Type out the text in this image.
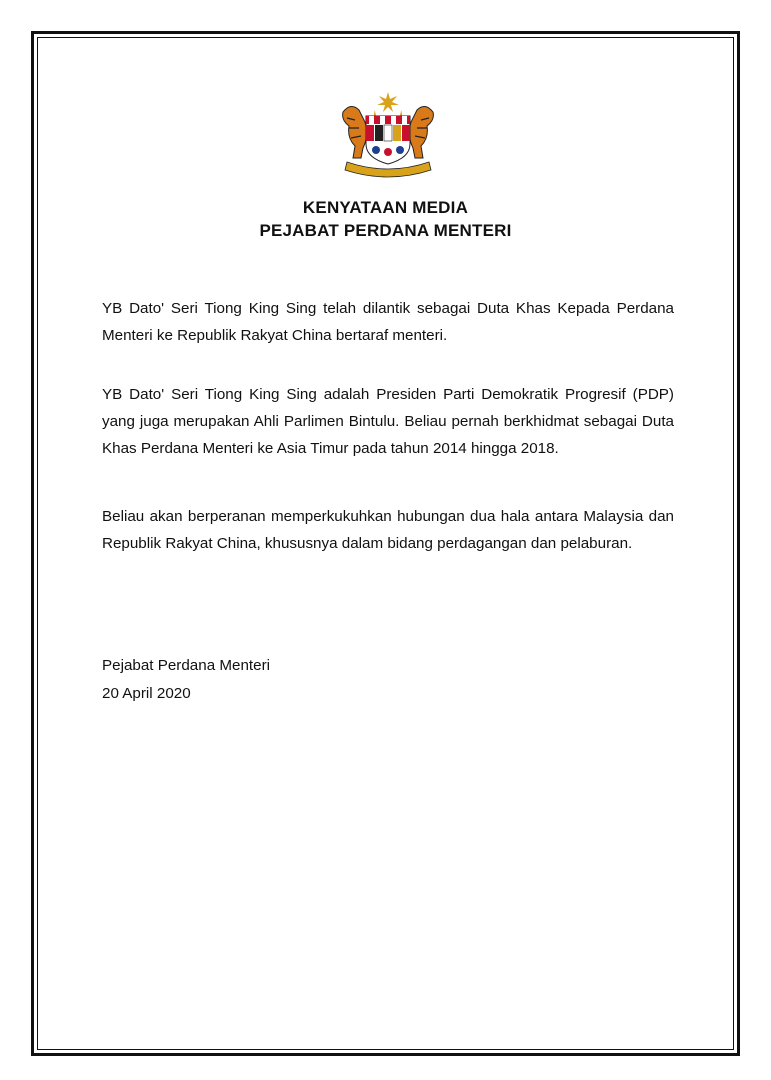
KENYATAAN MEDIA
PEJABAT PERDANA MENTERI

YB Dato' Seri Tiong King Sing telah dilantik sebagai Duta Khas Kepada Perdana Menteri ke Republik Rakyat China bertaraf menteri.

YB Dato' Seri Tiong King Sing adalah Presiden Parti Demokratik Progresif (PDP) yang juga merupakan Ahli Parlimen Bintulu. Beliau pernah berkhidmat sebagai Duta Khas Perdana Menteri ke Asia Timur pada tahun 2014 hingga 2018.

Beliau akan berperanan memperkukuhkan hubungan dua hala antara Malaysia dan Republik Rakyat China, khususnya dalam bidang perdagangan dan pelaburan.

Pejabat Perdana Menteri
20 April 2020
